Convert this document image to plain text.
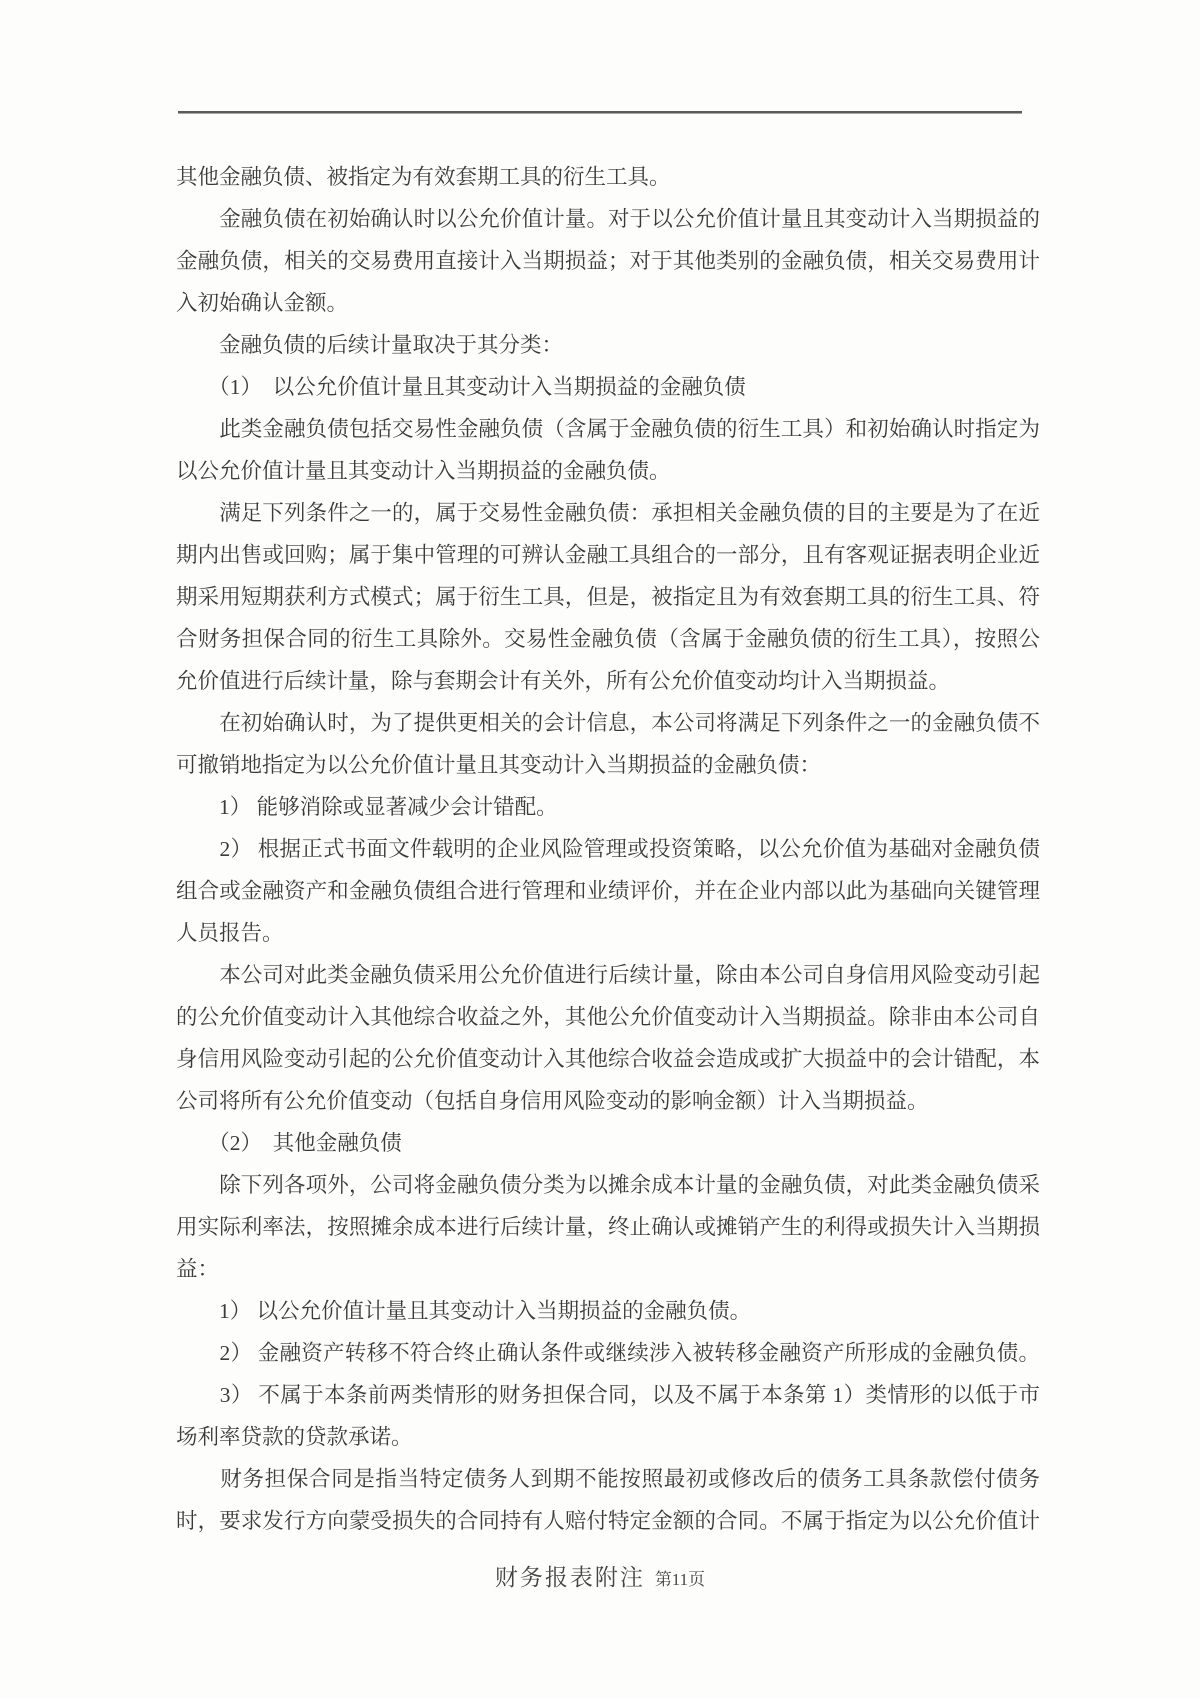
其他金融负债、被指定为有效套期工具的衍生工具。
　　金融负债在初始确认时以公允价值计量。对于以公允价值计量且其变动计入当期损益的
金融负债，相关的交易费用直接计入当期损益；对于其他类别的金融负债，相关交易费用计
入初始确认金额。
　　金融负债的后续计量取决于其分类：
　　（1）　以公允价值计量且其变动计入当期损益的金融负债
　　此类金融负债包括交易性金融负债（含属于金融负债的衍生工具）和初始确认时指定为
以公允价值计量且其变动计入当期损益的金融负债。
　　满足下列条件之一的，属于交易性金融负债：承担相关金融负债的目的主要是为了在近
期内出售或回购；属于集中管理的可辨认金融工具组合的一部分，且有客观证据表明企业近
期采用短期获利方式模式；属于衍生工具，但是，被指定且为有效套期工具的衍生工具、符
合财务担保合同的衍生工具除外。交易性金融负债（含属于金融负债的衍生工具），按照公
允价值进行后续计量，除与套期会计有关外，所有公允价值变动均计入当期损益。
　　在初始确认时，为了提供更相关的会计信息，本公司将满足下列条件之一的金融负债不
可撤销地指定为以公允价值计量且其变动计入当期损益的金融负债：
　　1） 能够消除或显著减少会计错配。
　　2） 根据正式书面文件载明的企业风险管理或投资策略，以公允价值为基础对金融负债
组合或金融资产和金融负债组合进行管理和业绩评价，并在企业内部以此为基础向关键管理
人员报告。
　　本公司对此类金融负债采用公允价值进行后续计量，除由本公司自身信用风险变动引起
的公允价值变动计入其他综合收益之外，其他公允价值变动计入当期损益。除非由本公司自
身信用风险变动引起的公允价值变动计入其他综合收益会造成或扩大损益中的会计错配，本
公司将所有公允价值变动（包括自身信用风险变动的影响金额）计入当期损益。
　　（2）　其他金融负债
　　除下列各项外，公司将金融负债分类为以摊余成本计量的金融负债，对此类金融负债采
用实际利率法，按照摊余成本进行后续计量，终止确认或摊销产生的利得或损失计入当期损
益：
　　1） 以公允价值计量且其变动计入当期损益的金融负债。
　　2） 金融资产转移不符合终止确认条件或继续涉入被转移金融资产所形成的金融负债。
　　3） 不属于本条前两类情形的财务担保合同，以及不属于本条第 1）类情形的以低于市
场利率贷款的贷款承诺。
　　财务担保合同是指当特定债务人到期不能按照最初或修改后的债务工具条款偿付债务
时，要求发行方向蒙受损失的合同持有人赔付特定金额的合同。不属于指定为以公允价值计
财务报表附注 第11页
